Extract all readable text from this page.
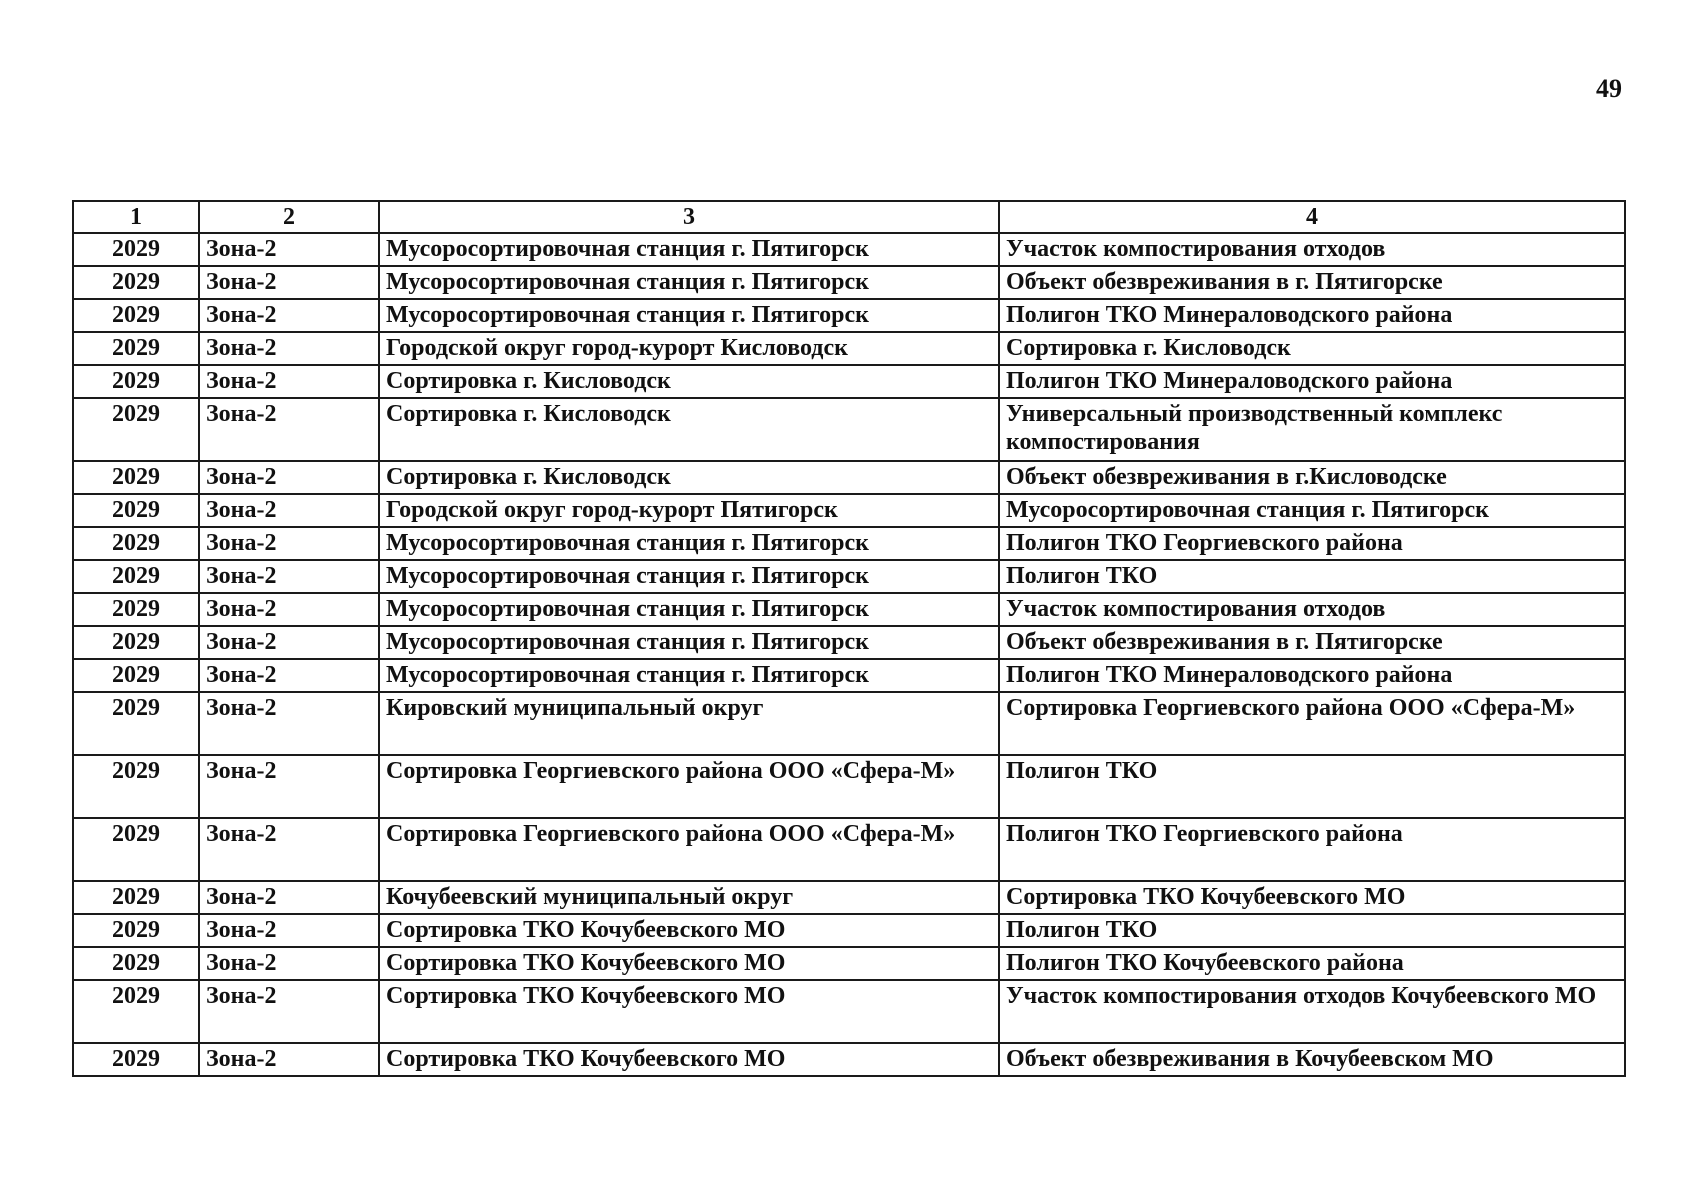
49
1	2	3	4
2029	Зона-2	Мусоросортировочная станция г. Пятигорск	Участок компостирования отходов
2029	Зона-2	Мусоросортировочная станция г. Пятигорск	Объект обезвреживания в г. Пятигорске
2029	Зона-2	Мусоросортировочная станция г. Пятигорск	Полигон ТКО Минераловодского района
2029	Зона-2	Городской округ город-курорт Кисловодск	Сортировка г. Кисловодск
2029	Зона-2	Сортировка г. Кисловодск	Полигон ТКО Минераловодского района
2029	Зона-2	Сортировка г. Кисловодск	Универсальный производственный комплекс компостирования
2029	Зона-2	Сортировка г. Кисловодск	Объект обезвреживания в г.Кисловодске
2029	Зона-2	Городской округ город-курорт Пятигорск	Мусоросортировочная станция г. Пятигорск
2029	Зона-2	Мусоросортировочная станция г. Пятигорск	Полигон ТКО Георгиевского района
2029	Зона-2	Мусоросортировочная станция г. Пятигорск	Полигон ТКО
2029	Зона-2	Мусоросортировочная станция г. Пятигорск	Участок компостирования отходов
2029	Зона-2	Мусоросортировочная станция г. Пятигорск	Объект обезвреживания в г. Пятигорске
2029	Зона-2	Мусоросортировочная станция г. Пятигорск	Полигон ТКО Минераловодского района
2029	Зона-2	Кировский муниципальный округ	Сортировка Георгиевского района ООО «Сфера-М»
2029	Зона-2	Сортировка Георгиевского района ООО «Сфера-М»	Полигон ТКО
2029	Зона-2	Сортировка Георгиевского района ООО «Сфера-М»	Полигон ТКО Георгиевского района
2029	Зона-2	Кочубеевский муниципальный округ	Сортировка ТКО Кочубеевского МО
2029	Зона-2	Сортировка ТКО Кочубеевского МО	Полигон ТКО
2029	Зона-2	Сортировка ТКО Кочубеевского МО	Полигон ТКО Кочубеевского района
2029	Зона-2	Сортировка ТКО Кочубеевского МО	Участок компостирования отходов Кочубеевского МО
2029	Зона-2	Сортировка ТКО Кочубеевского МО	Объект обезвреживания в Кочубеевском МО
